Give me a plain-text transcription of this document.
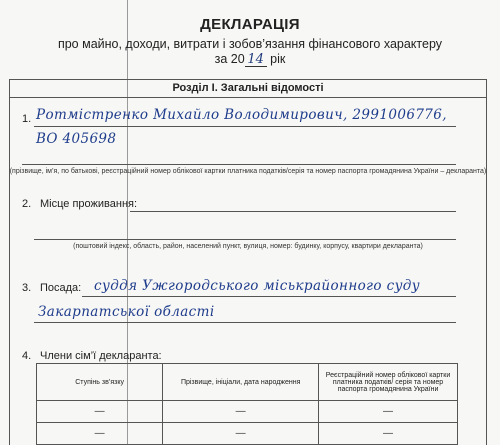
ДЕКЛАРАЦІЯ
про майно, доходи, витрати і зобов’язання фінансового характеру
за 20 14 рік
Розділ І. Загальні відомості
1. Ротмістренко Михайло Володимирович, 2991006776,
ВО 405698
(прізвище, ім’я, по батькові, реєстраційний номер облікової картки платника податків/серія та номер паспорта громадянина України – декларанта)
2. Місце проживання:
(поштовий індекс, область, район, населений пункт, вулиця, номер: будинку, корпусу, квартири декларанта)
3. Посада: суддя Ужгородського міськрайонного суду
Закарпатської області
4. Члени сім’ї декларанта:
Ступінь зв’язку	Прізвище, ініціали, дата народження	Реєстраційний номер облікової картки платника податків/ серія та номер паспорта громадянина України
—	—	—
—	—	—
